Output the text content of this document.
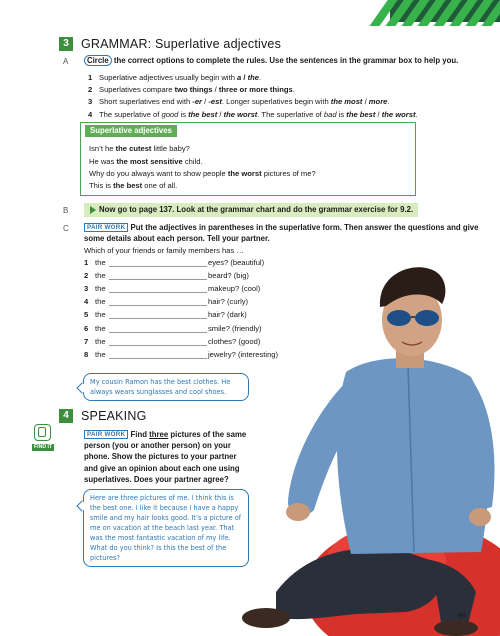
3 GRAMMAR: Superlative adjectives
A	Circle the correct options to complete the rules. Use the sentences in the grammar box to help you.
1 Superlative adjectives usually begin with a / the.
2 Superlatives compare two things / three or more things.
3 Short superlatives end with -er / -est. Longer superlatives begin with the most / more.
4 The superlative of good is the best / the worst. The superlative of bad is the best / the worst.
Superlative adjectives
Isn’t he the cutest little baby?
He was the most sensitive child.
Why do you always want to show people the worst pictures of me?
This is the best one of all.
B	Now go to page 137. Look at the grammar chart and do the grammar exercise for 9.2.
C	PAIR WORK Put the adjectives in parentheses in the superlative form. Then answer the questions and give some details about each person. Tell your partner.
Which of your friends or family members has …
1 the	eyes? (beautiful)
2 the	beard? (big)
3 the	makeup? (cool)
4 the	hair? (curly)
5 the	hair? (dark)
6 the	smile? (friendly)
7 the	clothes? (good)
8 the	jewelry? (interesting)
My cousin Ramon has the best clothes. He always wears sunglasses and cool shoes.
4 SPEAKING
FIND IT
PAIR WORK Find three pictures of the same person (you or another person) on your phone. Show the pictures to your partner and give an opinion about each one using superlatives. Does your partner agree?
Here are three pictures of me. I think this is the best one. I like it because I have a happy smile and my hair looks good. It’s a picture of me on vacation at the beach last year. That was the most fantastic vacation of my life. What do you think? Is this the best of the pictures?
89
